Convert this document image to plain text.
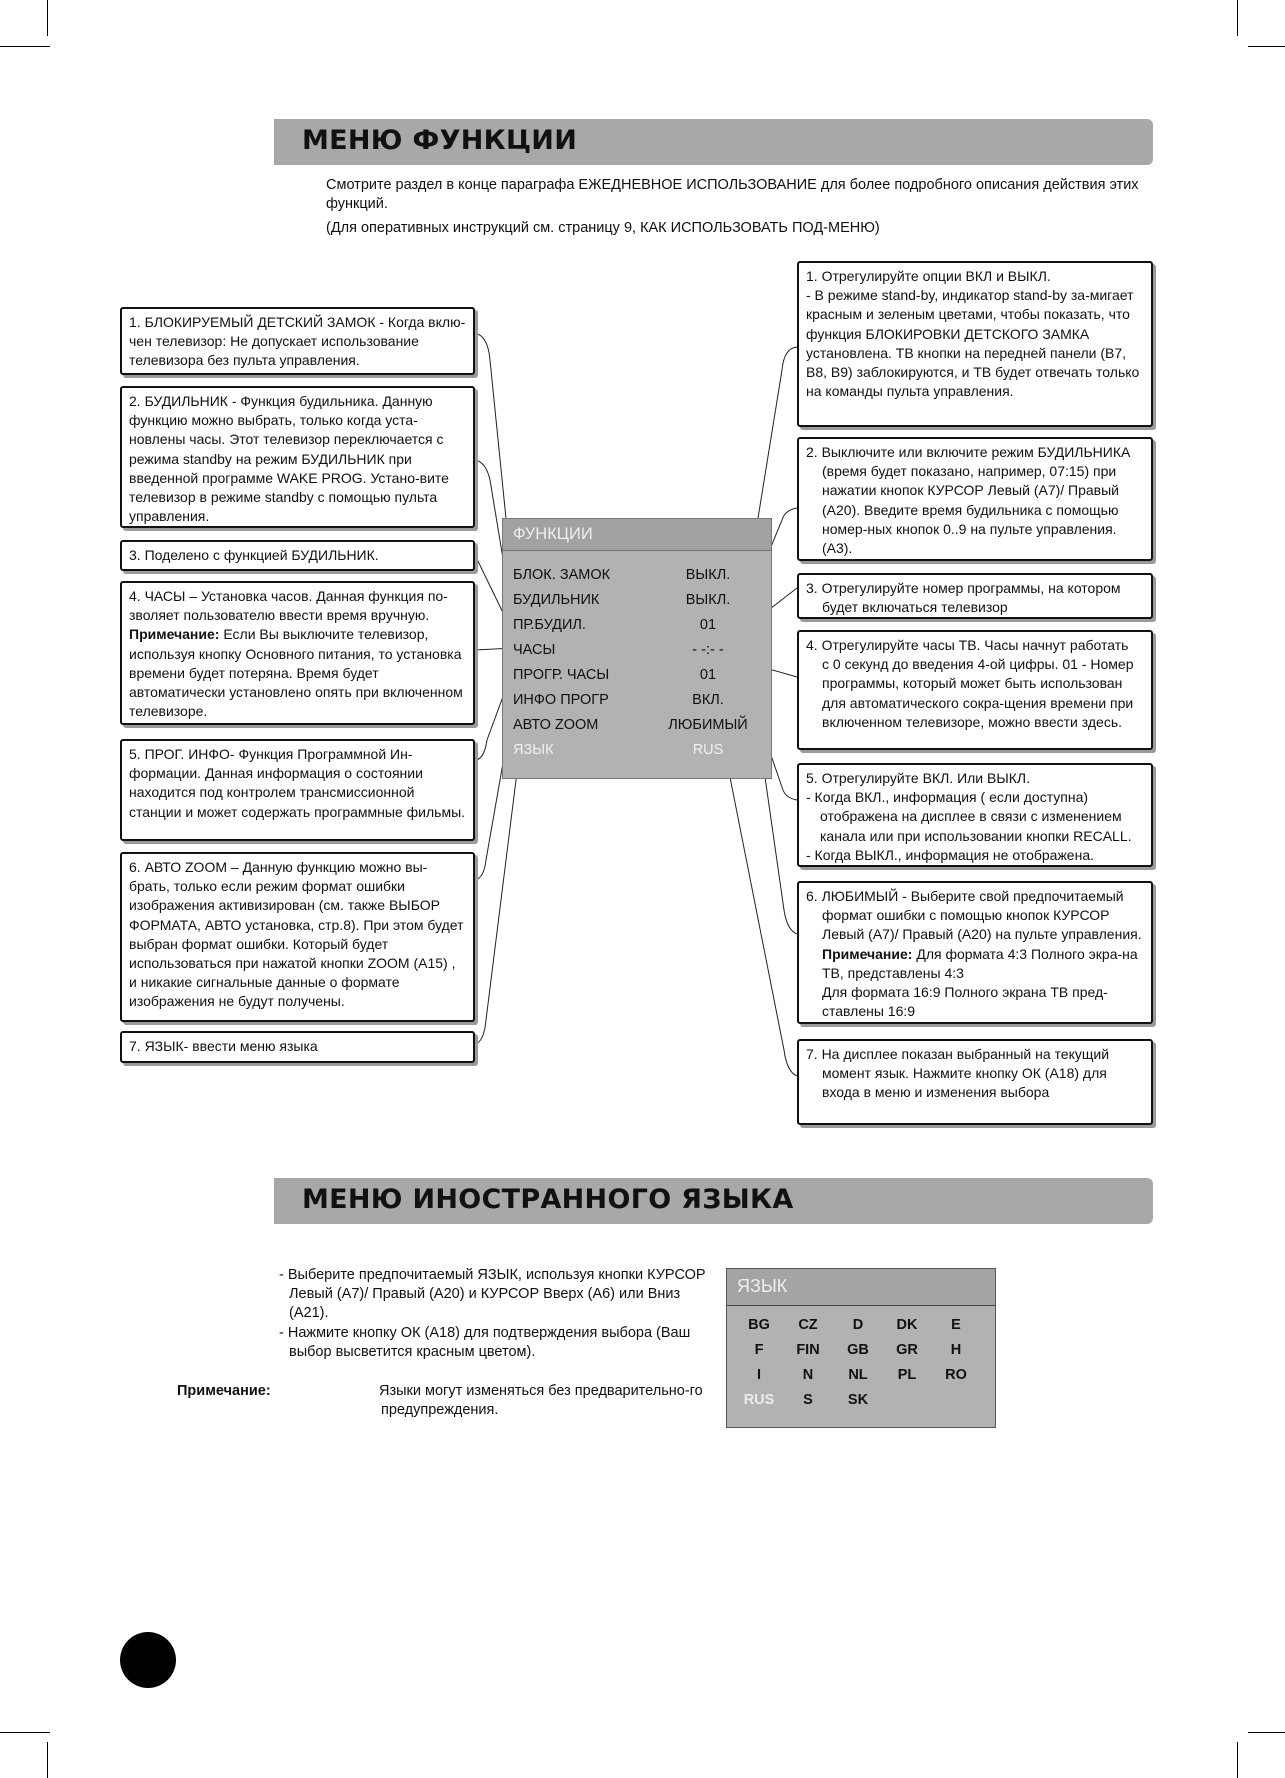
МЕНЮ ФУНКЦИИ
Смотрите раздел в конце параграфа ЕЖЕДНЕВНОЕ ИСПОЛЬЗОВАНИЕ для более подробного описания действия этих функций.
(Для оперативных инструкций см. страницу 9, КАК ИСПОЛЬЗОВАТЬ ПОД-МЕНЮ)

1. БЛОКИРУЕМЫЙ ДЕТСКИЙ ЗАМОК - Когда вклю-чен телевизор: Не допускает использование телевизора без пульта управления.

2. БУДИЛЬНИК - Функция будильника. Данную функцию можно выбрать, только когда уста-новлены часы. Этот телевизор переключается с режима standby на режим БУДИЛЬНИК при введенной программе WAKE PROG. Устано-вите телевизор в режиме standby с помощью пульта управления.

3. Поделено с функцией БУДИЛЬНИК.

4. ЧАСЫ – Установка часов. Данная функция по-зволяет пользователю ввести время вручную.

Примечание: Если Вы выключите телевизор, используя кнопку Основного питания, то установка времени будет потеряна. Время будет автоматически установлено опять при включенном телевизоре.

5. ПРОГ. ИНФО- Функция Программной Ин-формации. Данная информация о состоянии находится под контролем трансмиссионной станции и может содержать программные фильмы.

6. АВТО ZOOM – Данную функцию можно вы-брать, только если режим формат ошибки изображения активизирован (см. также ВЫБОР ФОРМАТА, АВТО установка, стр.8). При этом будет выбран формат ошибки. Который будет использоваться при нажатой кнопки ZOOM (A15) , и никакие сигнальные данные о формате изображения не будут получены.

7. ЯЗЫК- ввести меню языка

1. Отрегулируйте опции ВКЛ и ВЫКЛ.

- В режиме stand-by, индикатор stand-by за-мигает красным и зеленым цветами, чтобы показать, что функция БЛОКИРОВКИ ДЕТСКОГО ЗАМКА установлена. ТВ кнопки на передней панели (В7, В8, В9) заблокируются, и ТВ будет отвечать только на команды пульта управления.

2. Выключите или включите режим БУДИЛЬНИКА

(время будет показано, например, 07:15) при нажатии кнопок КУРСОР Левый (А7)/ Правый (А20). Введите время будильника с помощью номер-ных кнопок 0..9 на пульте управления. (А3).

3. Отрегулируйте номер программы, на котором

будет включаться телевизор

4. Отрегулируйте часы ТВ. Часы начнут работать

с 0 секунд до введения 4-ой цифры. 01 - Номер программы, который может быть использован для автоматического сокра-щения времени при включенном телевизоре, можно ввести здесь.

5. Отрегулируйте ВКЛ. Или ВЫКЛ.

- Когда ВКЛ., информация ( если доступна)

отображена на дисплее в связи с изменением канала или при использовании кнопки RECALL.

- Когда ВЫКЛ., информация не отображена.

6. ЛЮБИМЫЙ - Выберите свой предпочитаемый

формат ошибки с помощью кнопок КУРСОР Левый (А7)/ Правый (А20) на пульте управления.

Примечание: Для формата 4:3 Полного экра-на ТВ, представлены 4:3

Для формата 16:9 Полного экрана ТВ пред-ставлены 16:9

7. На дисплее показан выбранный на текущий

момент язык. Нажмите кнопку ОК (А18) для входа в меню и изменения выбора

ФУНКЦИИ
БЛОК. ЗАМОК	ВЫКЛ.
БУДИЛЬНИК	ВЫКЛ.
ПР.БУДИЛ.	01
ЧАСЫ	- -:- -
ПРОГР. ЧАСЫ	01
ИНФО ПРОГР	ВКЛ.
АВТО ZOOM	ЛЮБИМЫЙ
ЯЗЫК	RUS
МЕНЮ ИНОСТРАННОГО ЯЗЫКА

- Выберите предпочитаемый ЯЗЫК, используя кнопки КУРСОР Левый (А7)/ Правый (А20) и КУРСОР Вверх (А6) или Вниз (А21).

- Нажмите кнопку ОК (А18) для подтверждения выбора (Ваш выбор высветится красным цветом).

Примечание:	Языки могут изменяться без предварительно-го предупреждения.
ЯЗЫК
BG	CZ	D	DK	E
F	FIN	GB	GR	H
I	N	NL	PL	RO
RUS	S	SK
